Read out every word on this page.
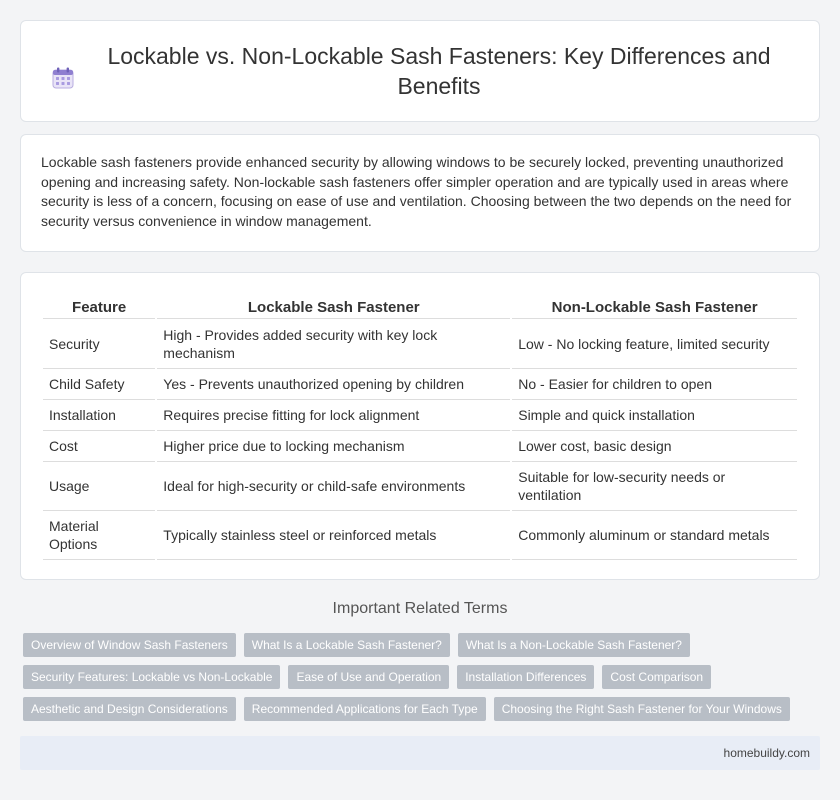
Lockable vs. Non-Lockable Sash Fasteners: Key Differences and Benefits

Lockable sash fasteners provide enhanced security by allowing windows to be securely locked, preventing unauthorized opening and increasing safety. Non-lockable sash fasteners offer simpler operation and are typically used in areas where security is less of a concern, focusing on ease of use and ventilation. Choosing between the two depends on the need for security versus convenience in window management.

Feature	Lockable Sash Fastener	Non-Lockable Sash Fastener
Security	High - Provides added security with key lock mechanism	Low - No locking feature, limited security
Child Safety	Yes - Prevents unauthorized opening by children	No - Easier for children to open
Installation	Requires precise fitting for lock alignment	Simple and quick installation
Cost	Higher price due to locking mechanism	Lower cost, basic design
Usage	Ideal for high-security or child-safe environments	Suitable for low-security needs or ventilation
Material Options	Typically stainless steel or reinforced metals	Commonly aluminum or standard metals
Important Related Terms
Overview of Window Sash Fasteners	What Is a Lockable Sash Fastener?	What Is a Non-Lockable Sash Fastener?
Security Features: Lockable vs Non-Lockable	Ease of Use and Operation	Installation Differences	Cost Comparison
Aesthetic and Design Considerations	Recommended Applications for Each Type	Choosing the Right Sash Fastener for Your Windows
homebuildy.com
